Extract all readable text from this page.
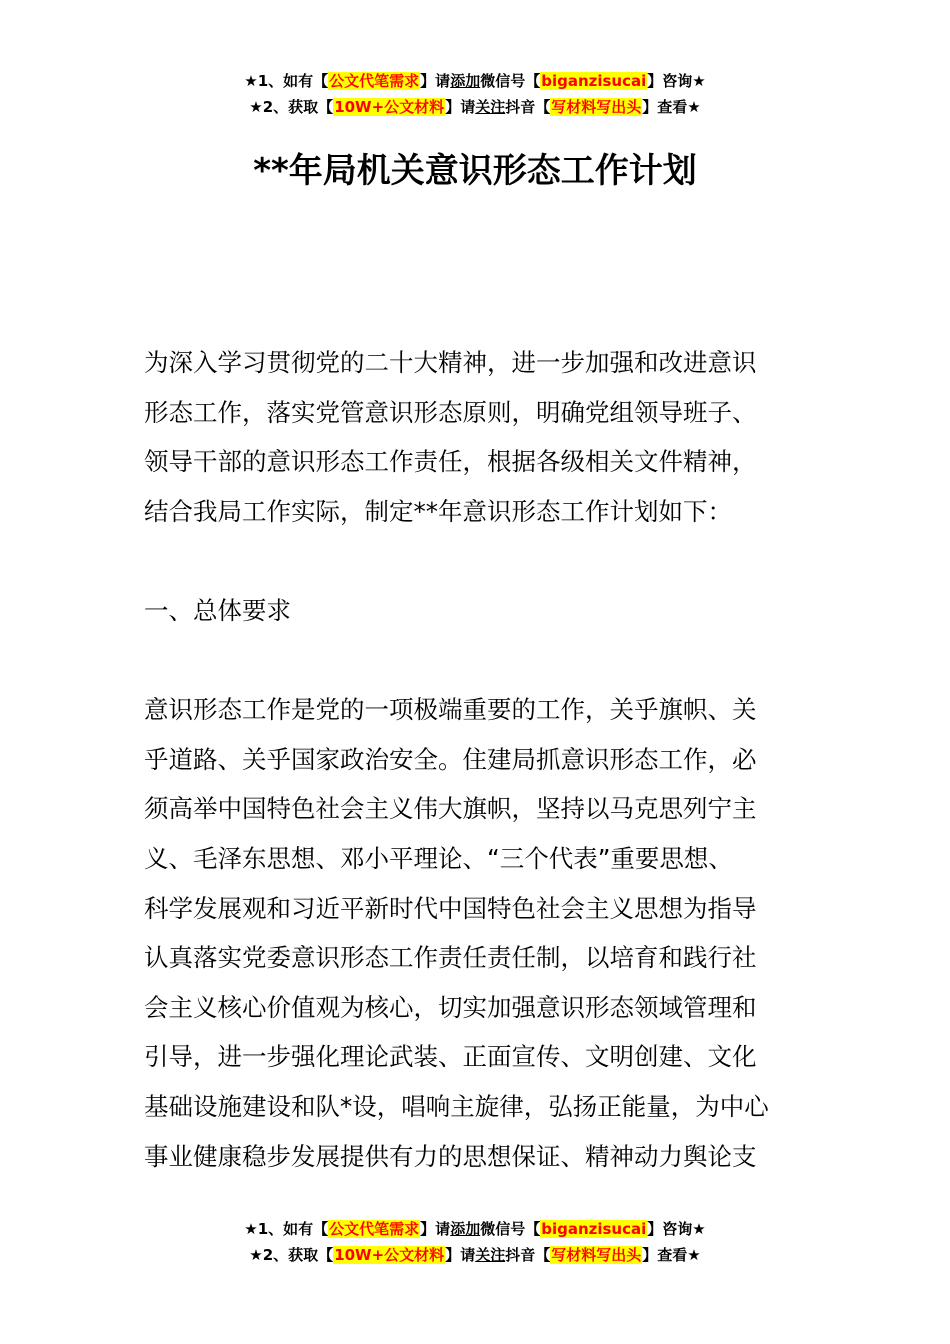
★1、如有【公文代笔需求】请添加微信号【biganzisucai】咨询★
★2、获取【10W+公文材料】请关注抖音【写材料写出头】查看★
**年局机关意识形态工作计划

为深入学习贯彻党的二十大精神，进一步加强和改进意识
形态工作，落实党管意识形态原则，明确党组领导班子、
领导干部的意识形态工作责任，根据各级相关文件精神，
结合我局工作实际，制定**年意识形态工作计划如下：

一、总体要求

意识形态工作是党的一项极端重要的工作，关乎旗帜、关
乎道路、关乎国家政治安全。住建局抓意识形态工作，必
须高举中国特色社会主义伟大旗帜，坚持以马克思列宁主
义、毛泽东思想、邓小平理论、“三个代表”重要思想、
科学发展观和习近平新时代中国特色社会主义思想为指导
认真落实党委意识形态工作责任责任制，以培育和践行社
会主义核心价值观为核心，切实加强意识形态领域管理和
引导，进一步强化理论武装、正面宣传、文明创建、文化
基础设施建设和队*设，唱响主旋律，弘扬正能量，为中心
事业健康稳步发展提供有力的思想保证、精神动力舆论支

★1、如有【公文代笔需求】请添加微信号【biganzisucai】咨询★
★2、获取【10W+公文材料】请关注抖音【写材料写出头】查看★
